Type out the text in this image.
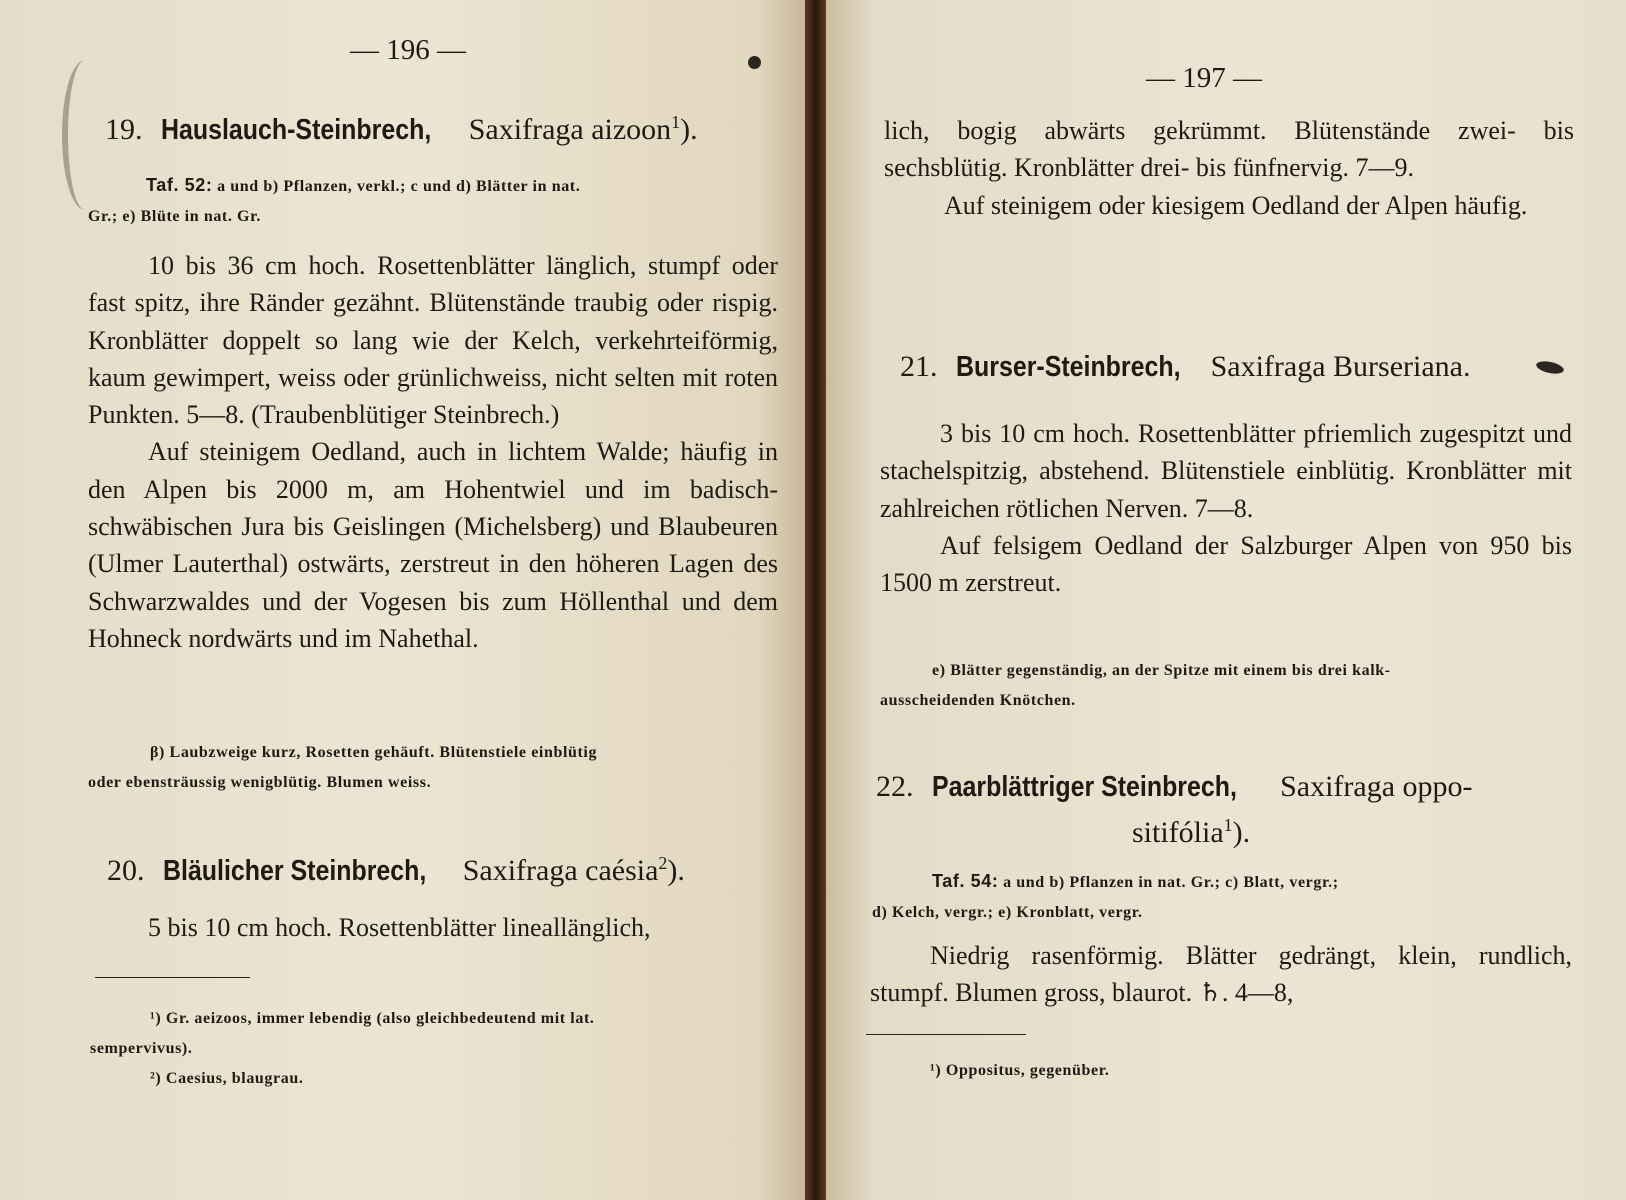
— 196 —
19. Hauslauch-Steinbrech, Saxifraga aizoon$^1$).
Taf. 52: a und b) Pflanzen, verkl.; c und d) Blätter in nat.
Gr.; e) Blüte in nat. Gr.

10 bis 36 cm hoch. Rosettenblätter länglich, stumpf oder fast spitz, ihre Ränder gezähnt. Blütenstände traubig oder rispig. Kronblätter doppelt so lang wie der Kelch, verkehrteiförmig, kaum gewimpert, weiss oder grünlichweiss, nicht selten mit roten Punkten. 5—8. (Traubenblütiger Steinbrech.)

Auf steinigem Oedland, auch in lichtem Walde; häufig in den Alpen bis 2000 m, am Hohentwiel und im badisch-schwäbischen Jura bis Geislingen (Michelsberg) und Blaubeuren (Ulmer Lauterthal) ostwärts, zerstreut in den höheren Lagen des Schwarzwaldes und der Vogesen bis zum Höllenthal und dem Hohneck nordwärts und im Nahethal.

β) Laubzweige kurz, Rosetten gehäuft. Blütenstiele einblütig
oder ebensträussig wenigblütig. Blumen weiss.
20. Bläulicher Steinbrech, Saxifraga caésia$^2$).

5 bis 10 cm hoch. Rosettenblätter lineallänglich,

¹) Gr. aeizoos, immer lebendig (also gleichbedeutend mit lat.

sempervivus).

²) Caesius, blaugrau.

— 197 —

lich, bogig abwärts gekrümmt. Blütenstände zwei- bis sechsblütig. Kronblätter drei- bis fünfnervig. 7—9.

Auf steinigem oder kiesigem Oedland der Alpen häufig.

21. Burser-Steinbrech, Saxifraga Burseriana.

3 bis 10 cm hoch. Rosettenblätter pfriemlich zugespitzt und stachelspitzig, abstehend. Blütenstiele einblütig. Kronblätter mit zahlreichen rötlichen Nerven. 7—8.

Auf felsigem Oedland der Salzburger Alpen von 950 bis 1500 m zerstreut.

e) Blätter gegenständig, an der Spitze mit einem bis drei kalk-
ausscheidenden Knötchen.
22. Paarblättriger Steinbrech, Saxifraga oppo-
sitifólia$^1$).
Taf. 54: a und b) Pflanzen in nat. Gr.; c) Blatt, vergr.;
d) Kelch, vergr.; e) Kronblatt, vergr.

Niedrig rasenförmig. Blätter gedrängt, klein, rundlich, stumpf. Blumen gross, blaurot. ♄. 4—8,

¹) Oppositus, gegenüber.
